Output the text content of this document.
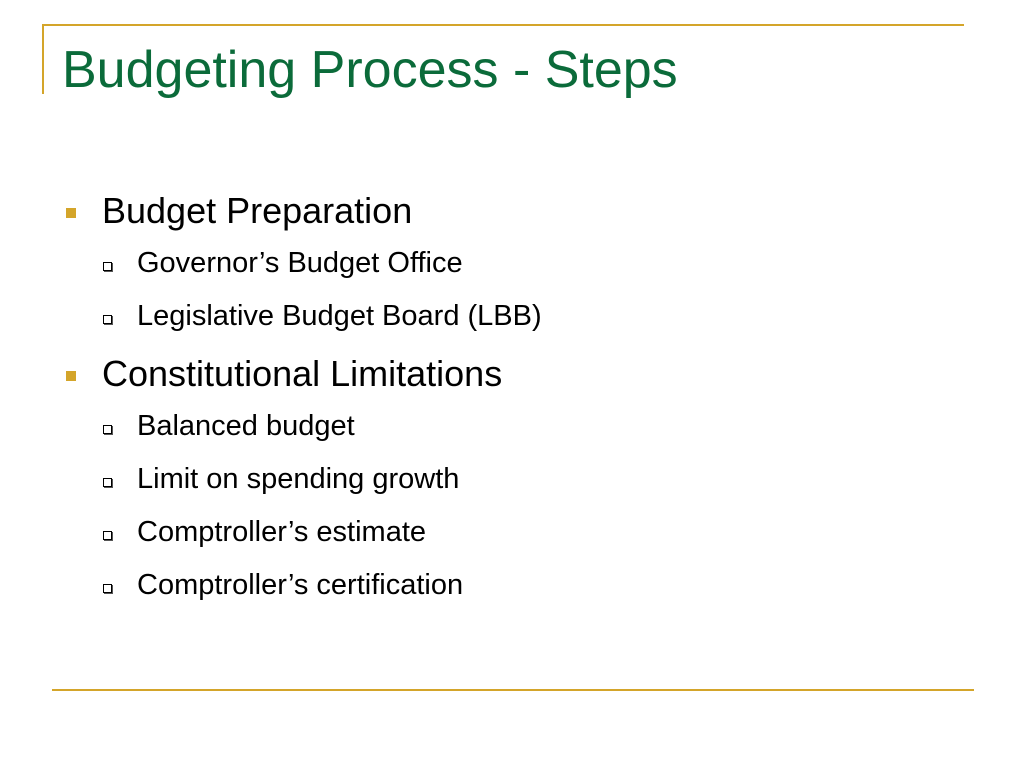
Budgeting Process - Steps
Budget Preparation
Governor’s Budget Office
Legislative Budget Board (LBB)
Constitutional Limitations
Balanced budget
Limit on spending growth
Comptroller’s estimate
Comptroller’s certification
